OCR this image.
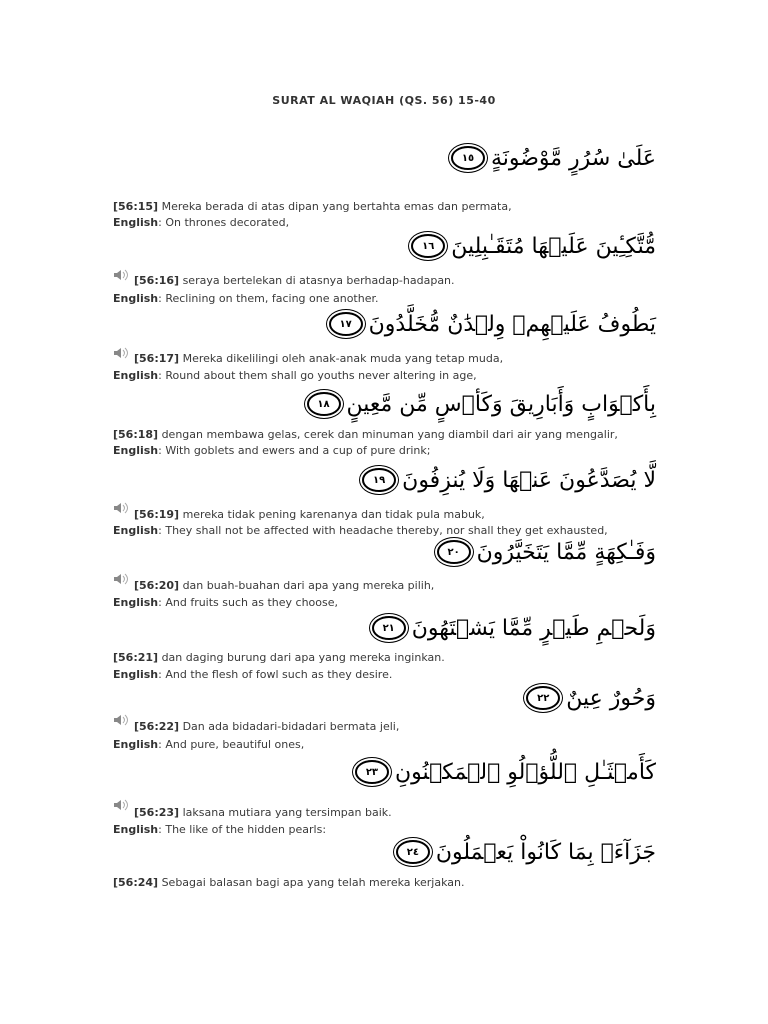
SURAT AL WAQIAH (QS. 56) 15-40
عَلَىٰ سُرُرٍ مَّوْضُونَةٍ
١٥
[56:15] Mereka berada di atas dipan yang bertahta emas dan permata,
English: On thrones decorated,
مُّتَّكِـِٔينَ عَلَيۡهَا مُتَقَـٰبِلِينَ
١٦
[56:16] seraya bertelekan di atasnya berhadap-hadapan.
English: Reclining on them, facing one another.
يَطُوفُ عَلَيۡهِمۡ وِلۡدَٰنٌ مُّخَلَّدُونَ
١٧
[56:17] Mereka dikelilingi oleh anak-anak muda yang tetap muda,
English: Round about them shall go youths never altering in age,
بِأَكۡوَابٍ وَأَبَارِيقَ وَكَأۡسٍ مِّن مَّعِينٍ
١٨
[56:18] dengan membawa gelas, cerek dan minuman yang diambil dari air yang mengalir,
English: With goblets and ewers and a cup of pure drink;
لَّا يُصَدَّعُونَ عَنۡهَا وَلَا يُنزِفُونَ
١٩
[56:19] mereka tidak pening karenanya dan tidak pula mabuk,
English: They shall not be affected with headache thereby, nor shall they get exhausted,
وَفَـٰكِهَةٍ مِّمَّا يَتَخَيَّرُونَ
٢٠
[56:20] dan buah-buahan dari apa yang mereka pilih,
English: And fruits such as they choose,
وَلَحۡمِ طَيۡرٍ مِّمَّا يَشۡتَهُونَ
٢١
[56:21] dan daging burung dari apa yang mereka inginkan.
English: And the flesh of fowl such as they desire.
وَحُورٌ عِينٌ
٢٢
[56:22] Dan ada bidadari-bidadari bermata jeli,
English: And pure, beautiful ones,
كَأَمۡثَـٰلِ ٱللُّؤۡلُوِ ٱلۡمَكۡنُونِ
٢٣
[56:23] laksana mutiara yang tersimpan baik.
English: The like of the hidden pearls:
جَزَآءَۢ بِمَا كَانُواْ يَعۡمَلُونَ
٢٤
[56:24] Sebagai balasan bagi apa yang telah mereka kerjakan.
